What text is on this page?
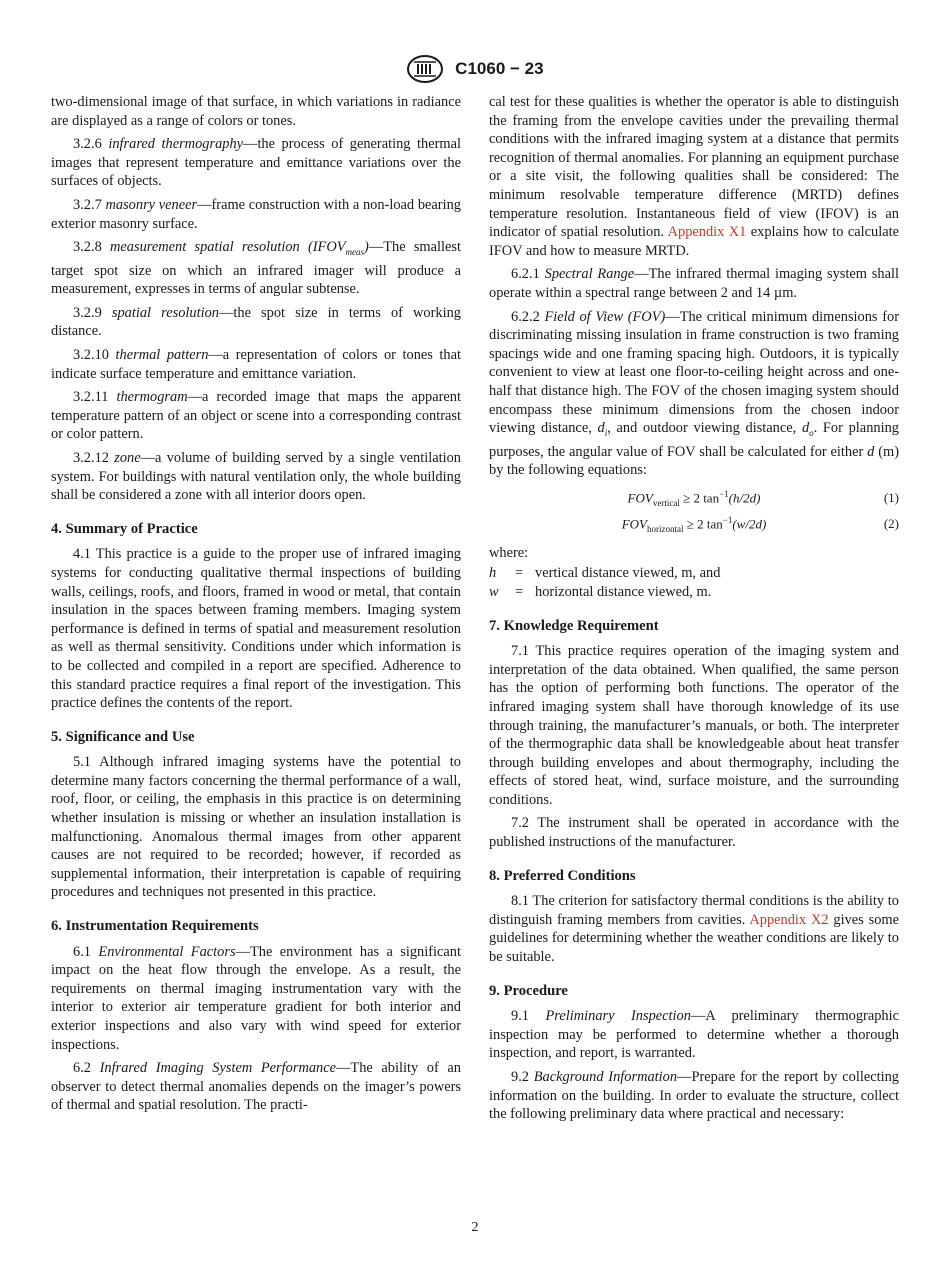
C1060 − 23

two-dimensional image of that surface, in which variations in radiance are displayed as a range of colors or tones.

3.2.6 infrared thermography—the process of generating thermal images that represent temperature and emittance variations over the surfaces of objects.

3.2.7 masonry veneer—frame construction with a non-load bearing exterior masonry surface.

3.2.8 measurement spatial resolution $(IFOV_{meas})—The$ smallest target spot size on which an infrared imager will produce a measurement, expresses in terms of angular subtense.

3.2.9 spatial resolution—the spot size in terms of working distance.

3.2.10 thermal pattern—a representation of colors or tones that indicate surface temperature and emittance variation.

3.2.11 thermogram—a recorded image that maps the apparent temperature pattern of an object or scene into a corresponding contrast or color pattern.

3.2.12 zone—a volume of building served by a single ventilation system. For buildings with natural ventilation only, the whole building shall be considered a zone with all interior doors open.

4. Summary of Practice

4.1 This practice is a guide to the proper use of infrared imaging systems for conducting qualitative thermal inspections of building walls, ceilings, roofs, and floors, framed in wood or metal, that contain insulation in the spaces between framing members. Imaging system performance is defined in terms of spatial and measurement resolution as well as thermal sensitivity. Conditions under which information is to be collected and compiled in a report are specified. Adherence to this standard practice requires a final report of the investigation. This practice defines the contents of the report.

5. Significance and Use

5.1 Although infrared imaging systems have the potential to determine many factors concerning the thermal performance of a wall, roof, floor, or ceiling, the emphasis in this practice is on determining whether insulation is missing or whether an insulation installation is malfunctioning. Anomalous thermal images from other apparent causes are not required to be recorded; however, if recorded as supplemental information, their interpretation is capable of requiring procedures and techniques not presented in this practice.

6. Instrumentation Requirements

6.1 Environmental Factors—The environment has a significant impact on the heat flow through the envelope. As a result, the requirements on thermal imaging instrumentation vary with the interior to exterior air temperature gradient for both interior and exterior inspections and also vary with wind speed for exterior inspections.

6.2 Infrared Imaging System Performance—The ability of an observer to detect thermal anomalies depends on the imager’s powers of thermal and spatial resolution. The practi-

cal test for these qualities is whether the operator is able to distinguish the framing from the envelope cavities under the prevailing thermal conditions with the infrared imaging system at a distance that permits recognition of thermal anomalies. For planning an equipment purchase or a site visit, the following qualities shall be considered: The minimum resolvable temperature difference (MRTD) defines temperature resolution. Instantaneous field of view (IFOV) is an indicator of spatial resolution. Appendix X1 explains how to calculate IFOV and how to measure MRTD.

6.2.1 Spectral Range—The infrared thermal imaging system shall operate within a spectral range between 2 and 14 µm.

6.2.2 Field of View (FOV)—The critical minimum dimensions for discriminating missing insulation in frame construction is two framing spacings wide and one framing spacing high. Outdoors, it is typically convenient to view at least one floor-to-ceiling height across and one-half that distance high. The FOV of the chosen imaging system should encompass these minimum dimensions from the chosen indoor viewing distance, $d_i$, and outdoor viewing distance, $d_o$. For planning purposes, the angular value of FOV shall be calculated for either d (m) by the following equations:

$FOV_{vertical} \ge 2$ $\tan^{-1}(h/2d)$	(1)
$FOV_{horizontal} \ge 2$ $\tan^{-1}(w/2d)$	(2)

where:

h	= vertical distance viewed, m, and
w	= horizontal distance viewed, m.
7. Knowledge Requirement

7.1 This practice requires operation of the imaging system and interpretation of the data obtained. When qualified, the same person has the option of performing both functions. The operator of the infrared imaging system shall have thorough knowledge of its use through training, the manufacturer’s manuals, or both. The interpreter of the thermographic data shall be knowledgeable about heat transfer through building envelopes and about thermography, including the effects of stored heat, wind, surface moisture, and the surrounding conditions.

7.2 The instrument shall be operated in accordance with the published instructions of the manufacturer.

8. Preferred Conditions

8.1 The criterion for satisfactory thermal conditions is the ability to distinguish framing members from cavities. Appendix X2 gives some guidelines for determining whether the weather conditions are likely to be suitable.

9. Procedure

9.1 Preliminary Inspection—A preliminary thermographic inspection may be performed to determine whether a thorough inspection, and report, is warranted.

9.2 Background Information—Prepare for the report by collecting information on the building. In order to evaluate the structure, collect the following preliminary data where practical and necessary:

2
